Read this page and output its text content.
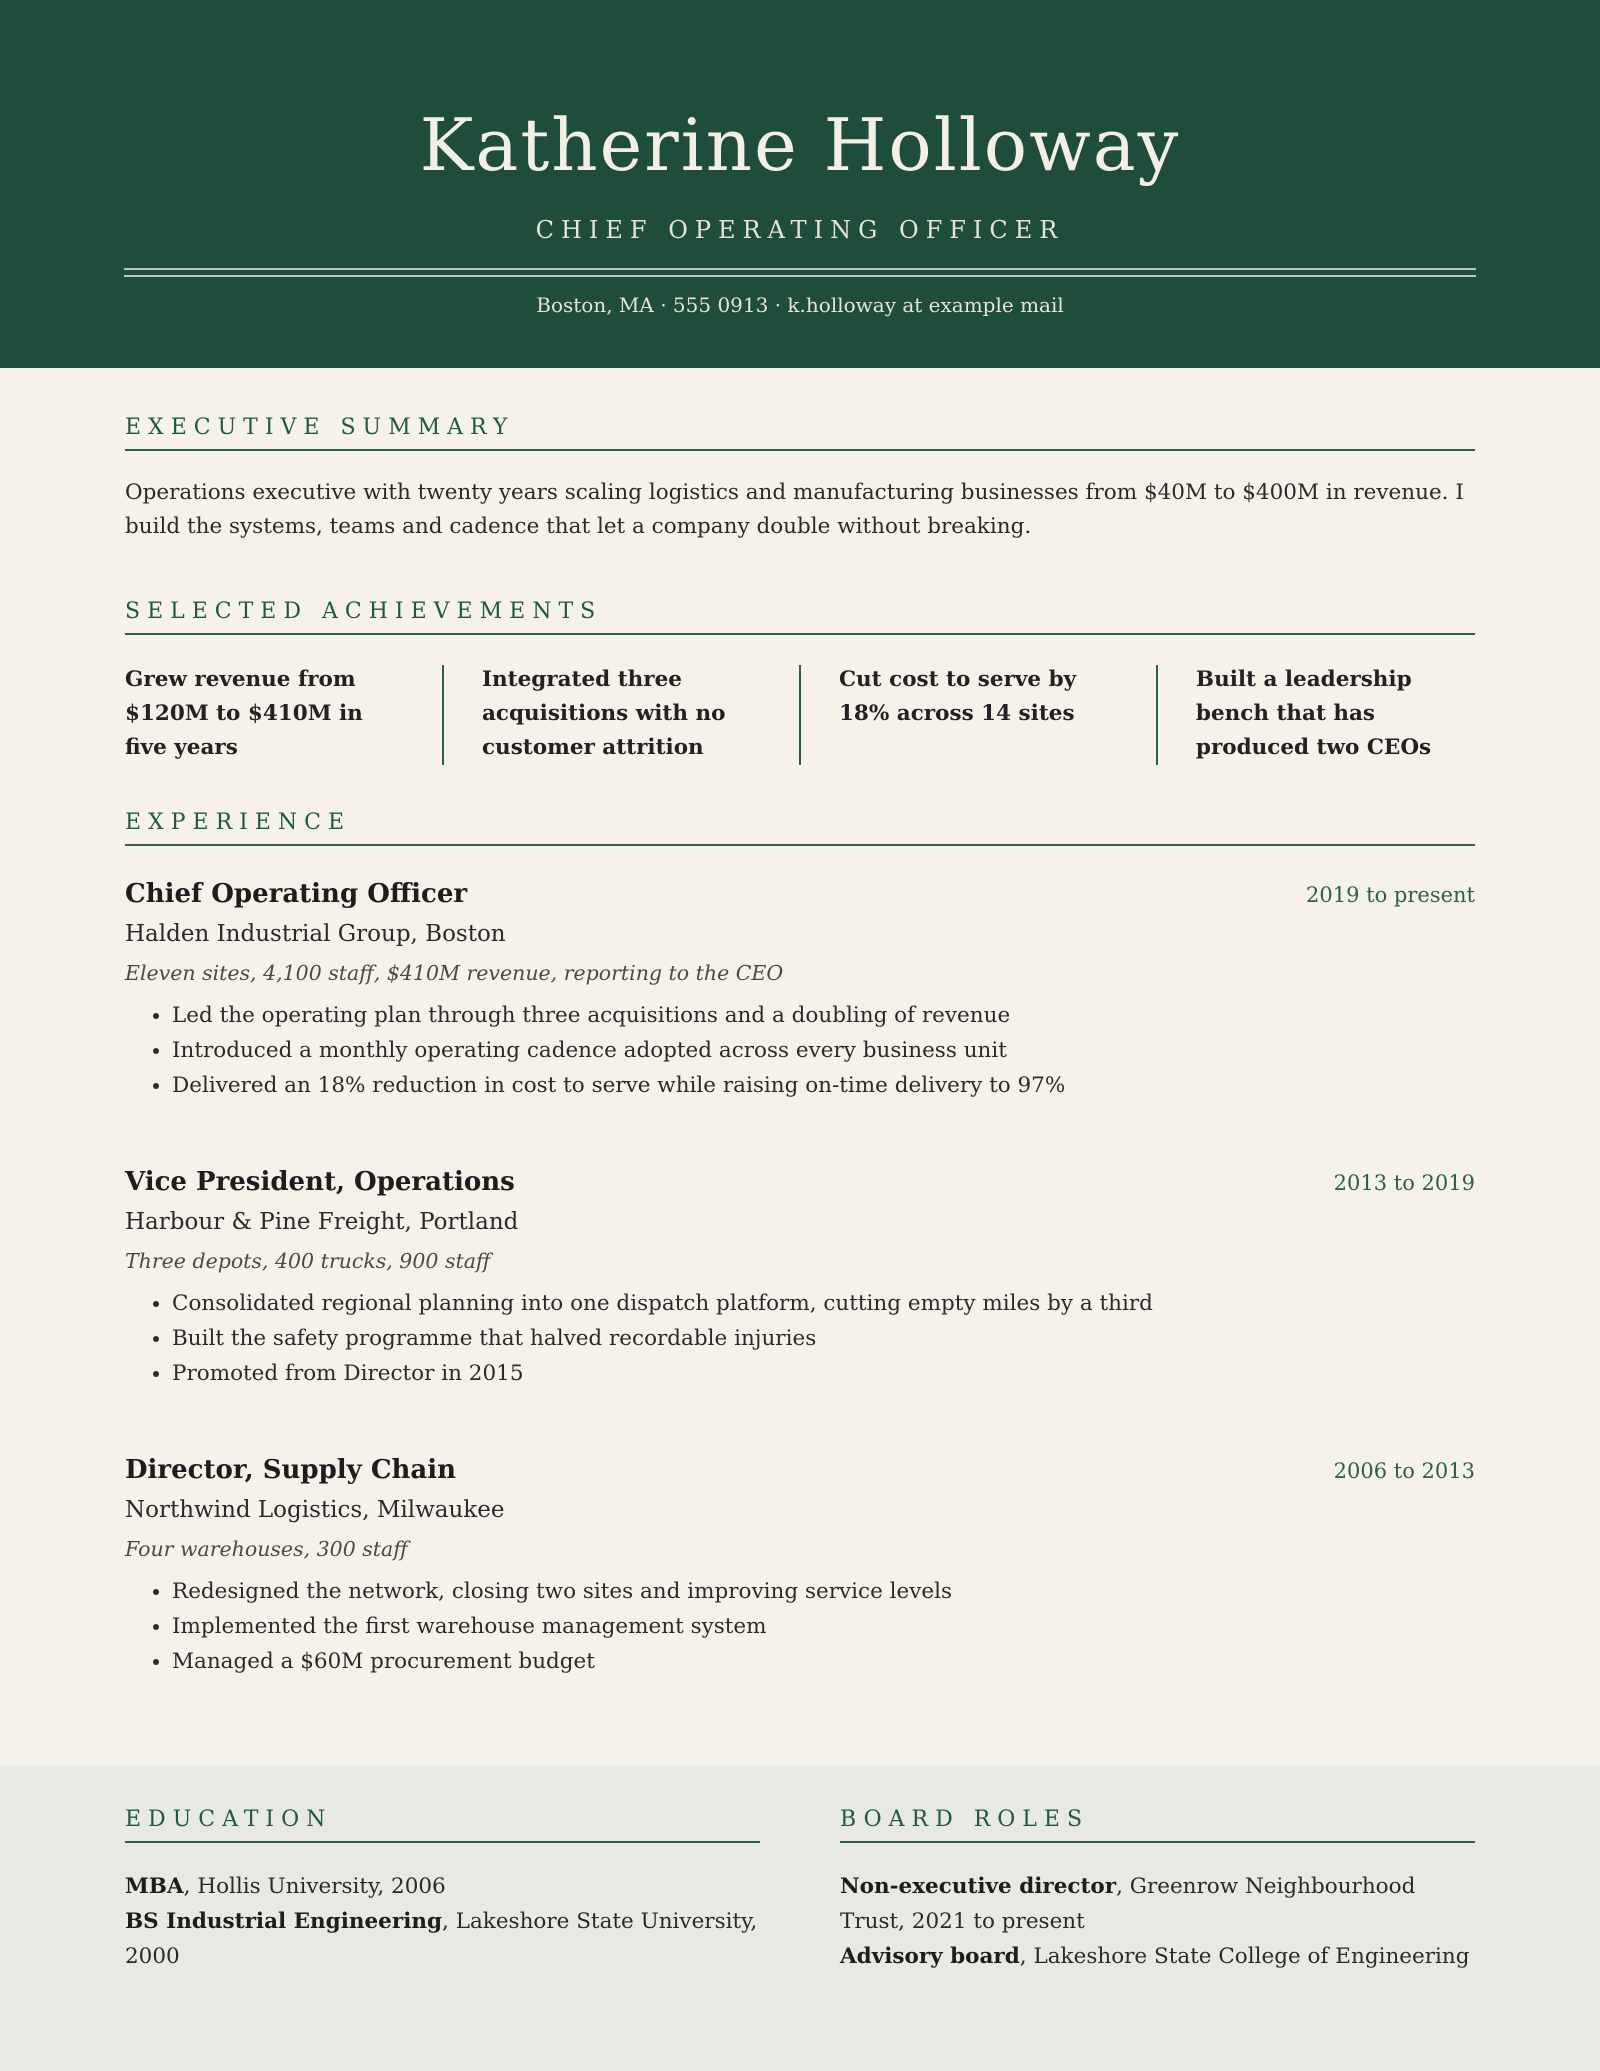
Katherine Holloway
CHIEF OPERATING OFFICER
Boston, MA · 555 0913 · k.holloway at example mail
EXECUTIVE SUMMARY
Operations executive with twenty years scaling logistics and manufacturing businesses from $40M to $400M in revenue. I build the systems, teams and cadence that let a company double without breaking.
SELECTED ACHIEVEMENTS
Grew revenue from $120M to $410M in five years
Integrated three acquisitions with no customer attrition
Cut cost to serve by 18% across 14 sites
Built a leadership bench that has produced two CEOs
EXPERIENCE
Chief Operating Officer	2019 to present
Halden Industrial Group, Boston
Eleven sites, 4,100 staff, $410M revenue, reporting to the CEO
Led the operating plan through three acquisitions and a doubling of revenue
Introduced a monthly operating cadence adopted across every business unit
Delivered an 18% reduction in cost to serve while raising on-time delivery to 97%
Vice President, Operations	2013 to 2019
Harbour & Pine Freight, Portland
Three depots, 400 trucks, 900 staff
Consolidated regional planning into one dispatch platform, cutting empty miles by a third
Built the safety programme that halved recordable injuries
Promoted from Director in 2015
Director, Supply Chain	2006 to 2013
Northwind Logistics, Milwaukee
Four warehouses, 300 staff
Redesigned the network, closing two sites and improving service levels
Implemented the first warehouse management system
Managed a $60M procurement budget
EDUCATION
MBA, Hollis University, 2006
BS Industrial Engineering, Lakeshore State University, 2000
BOARD ROLES
Non-executive director, Greenrow Neighbourhood Trust, 2021 to present
Advisory board, Lakeshore State College of Engineering
